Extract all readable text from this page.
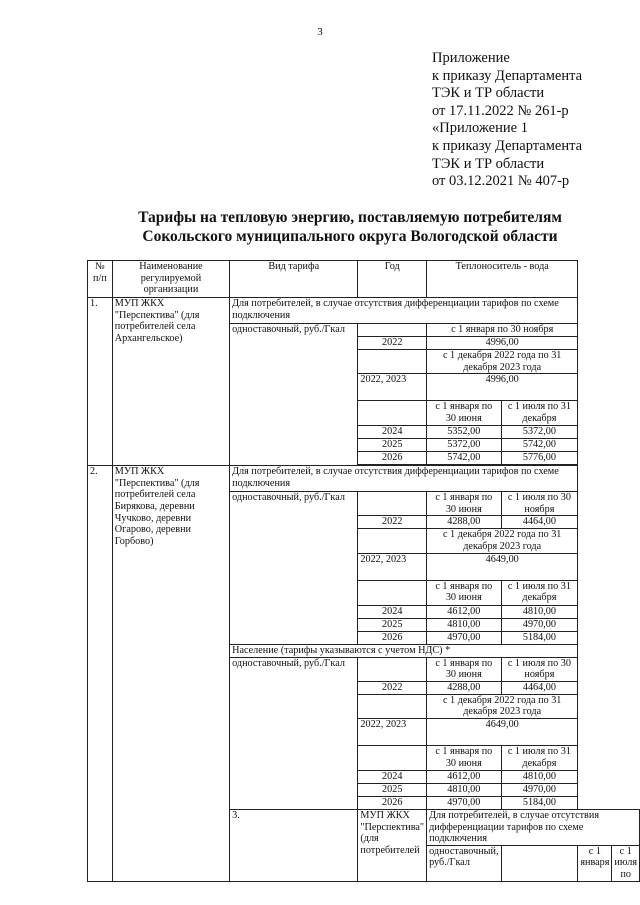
3
Приложение
к приказу Департамента
ТЭК и ТР области
от 17.11.2022 № 261-р
«Приложение 1
к приказу Департамента
ТЭК и ТР области
от 03.12.2021 № 407-р
Тарифы на тепловую энергию, поставляемую потребителям
Сокольского муниципального округа Вологодской области
№ п/п	Наименование регулируемой организации	Вид тарифа	Год	Теплоноситель - вода			
1.	МУП ЖКХ "Перспектива" (для потребителей села Архангельское)	Для потребителей, в случае отсутствия дифференциации тарифов по схеме подключения					
		одноставочный, руб./Гкал		с 1 января по 30 ноября			
			2022	4996,00			
				с 1 декабря 2022 года по 31 декабря 2023 года			
			2022, 2023	4996,00			
				с 1 января по 30 июня	с 1 июля по 31 декабря		
			2024	5352,00	5372,00		
			2025	5372,00	5742,00		
			2026	5742,00	5776,00		

2.	МУП ЖКХ "Перспектива" (для потребителей села Бирякова, деревни Чучково, деревни Огарово, деревни Горбово)	Для потребителей, в случае отсутствия дифференциации тарифов по схеме подключения					
		одноставочный, руб./Гкал		с 1 января по 30 июня	с 1 июля по 30 ноября		
			2022	4288,00	4464,00		
				с 1 декабря 2022 года по 31 декабря 2023 года			
			2022, 2023	4649,00			
				с 1 января по 30 июня	с 1 июля по 31 декабря		
			2024	4612,00	4810,00		
			2025	4810,00	4970,00		
			2026	4970,00	5184,00		
		Население (тарифы указываются с учетом НДС) *					
		одноставочный, руб./Гкал		с 1 января по 30 июня	с 1 июля по 30 ноября		
			2022	4288,00	4464,00		
				с 1 декабря 2022 года по 31 декабря 2023 года			
			2022, 2023	4649,00			
				с 1 января по 30 июня	с 1 июля по 31 декабря		
			2024	4612,00	4810,00		
			2025	4810,00	4970,00		
			2026	4970,00	5184,00		
		3.	МУП ЖКХ "Перспектива" (для потребителей	Для потребителей, в случае отсутствия дифференциации тарифов по схеме подключения			
				одноставочный, руб./Гкал		с 1 января	с 1 июля по
